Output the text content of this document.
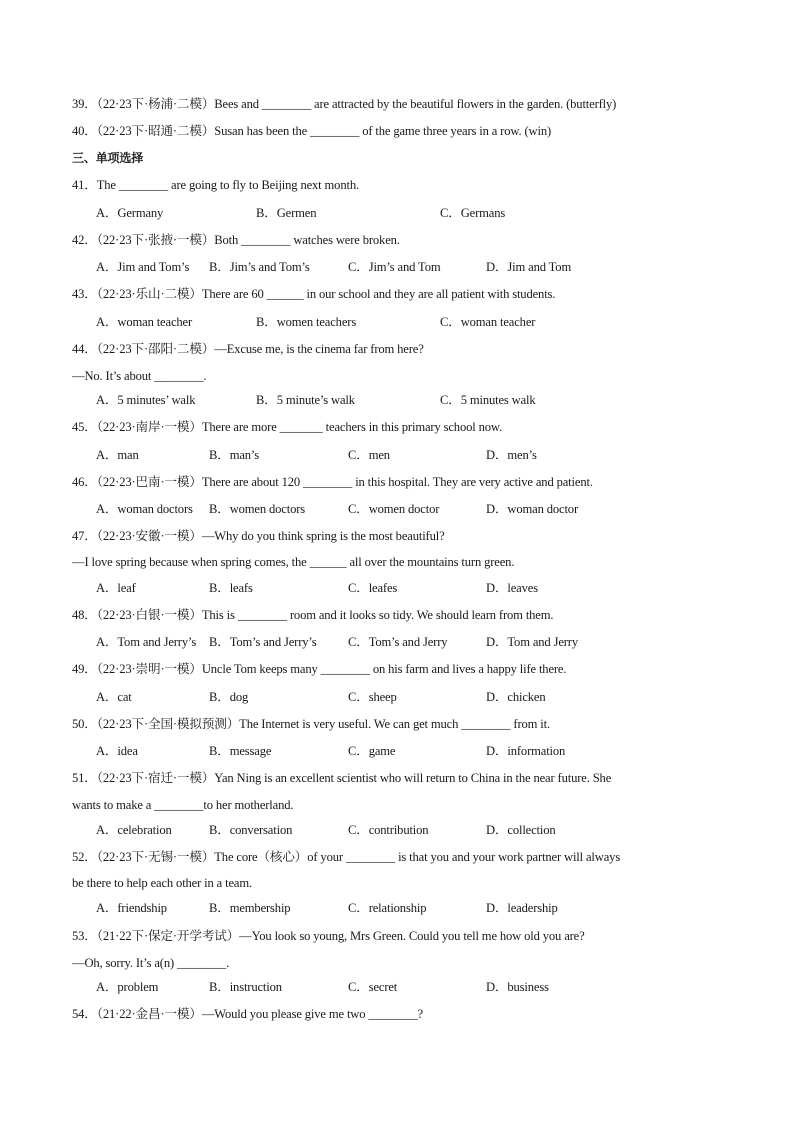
39．（22·23下·杨浦·二模）Bees and ________ are attracted by the beautiful flowers in the garden. (butterfly)
40．（22·23下·昭通·二模）Susan has been the ________ of the game three years in a row. (win)
三、单项选择
41．The ________ are going to fly to Beijing next month.
A．Germany	B．Germen	C．Germans
42．（22·23下·张掖·一模）Both ________ watches were broken.
A．Jim and Tom’s B．Jim’s and Tom’s	C．Jim’s and Tom	D．Jim and Tom
43．（22·23·乐山·二模）There are 60 ______ in our school and they are all patient with students.
A．woman teacher	B．women teachers	C．woman teacher
44．（22·23下·邵阳·二模）—Excuse me, is the cinema far from here?
—No. It’s about ________.
A．5 minutes’ walk	B．5 minute’s walk	C．5 minutes walk
45．（22·23·南岸·一模）There are more _______ teachers in this primary school now.
A．man	B．man’s	C．men	D．men’s
46．（22·23·巴南·一模）There are about 120 ________ in this hospital. They are very active and patient.
A．woman doctors B．women doctors	C．women doctor	D．woman doctor
47．（22·23·安徽·一模）—Why do you think spring is the most beautiful?
—I love spring because when spring comes, the ______ all over the mountains turn green.
A．leaf	B．leafs	C．leafes	D．leaves
48．（22·23·白银·一模）This is ________ room and it looks so tidy. We should learn from them.
A．Tom and Jerry’s B．Tom’s and Jerry’s C．Tom’s and Jerry	D．Tom and Jerry
49．（22·23·崇明·一模）Uncle Tom keeps many ________ on his farm and lives a happy life there.
A．cat	B．dog	C．sheep	D．chicken
50．（22·23下·全国·模拟预测）The Internet is very useful. We can get much ________ from it.
A．idea	B．message	C．game	D．information
51．（22·23下·宿迁·一模）Yan Ning is an excellent scientist who will return to China in the near future. She
wants to make a ________to her motherland.
A．celebration	B．conversation	C．contribution	D．collection
52．（22·23下·无锡·一模）The core（核心）of your ________ is that you and your work partner will always
be there to help each other in a team.
A．friendship	B．membership	C．relationship	D．leadership
53．（21·22下·保定·开学考试）—You look so young, Mrs Green. Could you tell me how old you are?
—Oh, sorry. It’s a(n) ________.
A．problem	B．instruction	C．secret	D．business
54．（21·22·金昌·一模）—Would you please give me two ________?
